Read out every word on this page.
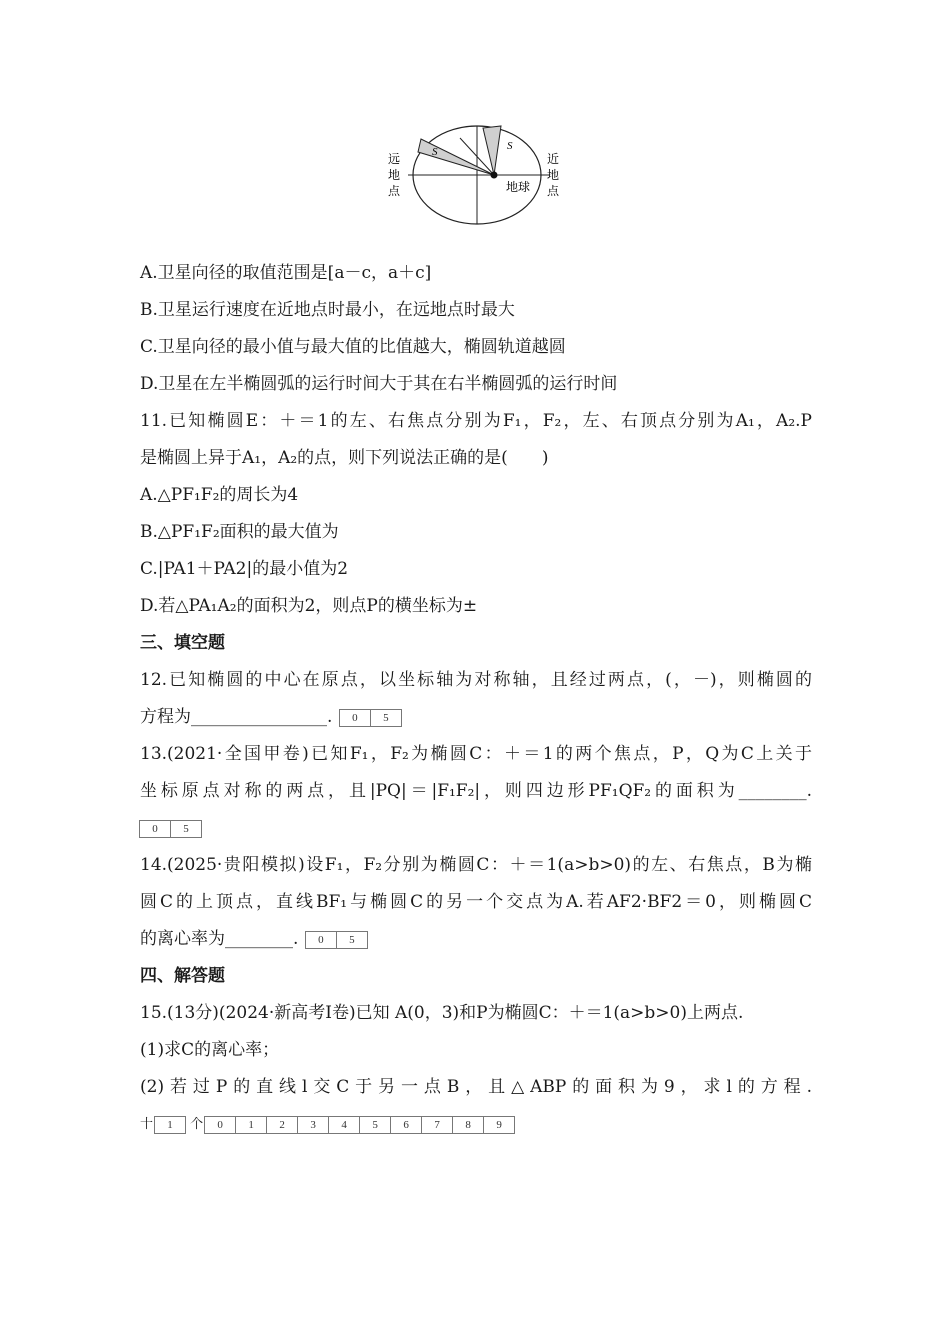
S	S
地球
远
地
点
近
地
点
A.卫星向径的取值范围是[a－c，a＋c]
B.卫星运行速度在近地点时最小，在远地点时最大
C.卫星向径的最小值与最大值的比值越大，椭圆轨道越圆
D.卫星在左半椭圆弧的运行时间大于其在右半椭圆弧的运行时间
11.已知椭圆E：＋＝1的左、右焦点分别为F₁，F₂，左、右顶点分别为A₁，A₂.P
是椭圆上异于A₁，A₂的点，则下列说法正确的是(　　)
A.△PF₁F₂的周长为4
B.△PF₁F₂面积的最大值为
C.|PA1＋PA2|的最小值为2
D.若△PA₁A₂的面积为2，则点P的横坐标为±
三、填空题
12.已知椭圆的中心在原点，以坐标轴为对称轴，且经过两点，(，－)，则椭圆的
方程为________________.	0	5
13.(2021·全国甲卷)已知F₁，F₂为椭圆C：＋＝1的两个焦点，P，Q为C上关于
坐标原点对称的两点，且|PQ|＝|F₁F₂|，则四边形PF₁QF₂的面积为________.
0	5
14.(2025·贵阳模拟)设F₁，F₂分别为椭圆C：＋＝1(a>b>0)的左、右焦点，B为椭
圆C的上顶点，直线BF₁与椭圆C的另一个交点为A.若AF2·BF2＝0，则椭圆C
的离心率为________.	0	5
四、解答题
15.(13分)(2024·新高考Ⅰ卷)已知 A(0，3)和P为椭圆C：＋＝1(a>b>0)上两点.
(1)求C的离心率；
(2)若过P的直线l交C于另一点B，且△ABP的面积为9，求l的方程.
十	1	个	0	1	2	3	4	5	6	7	8	9
